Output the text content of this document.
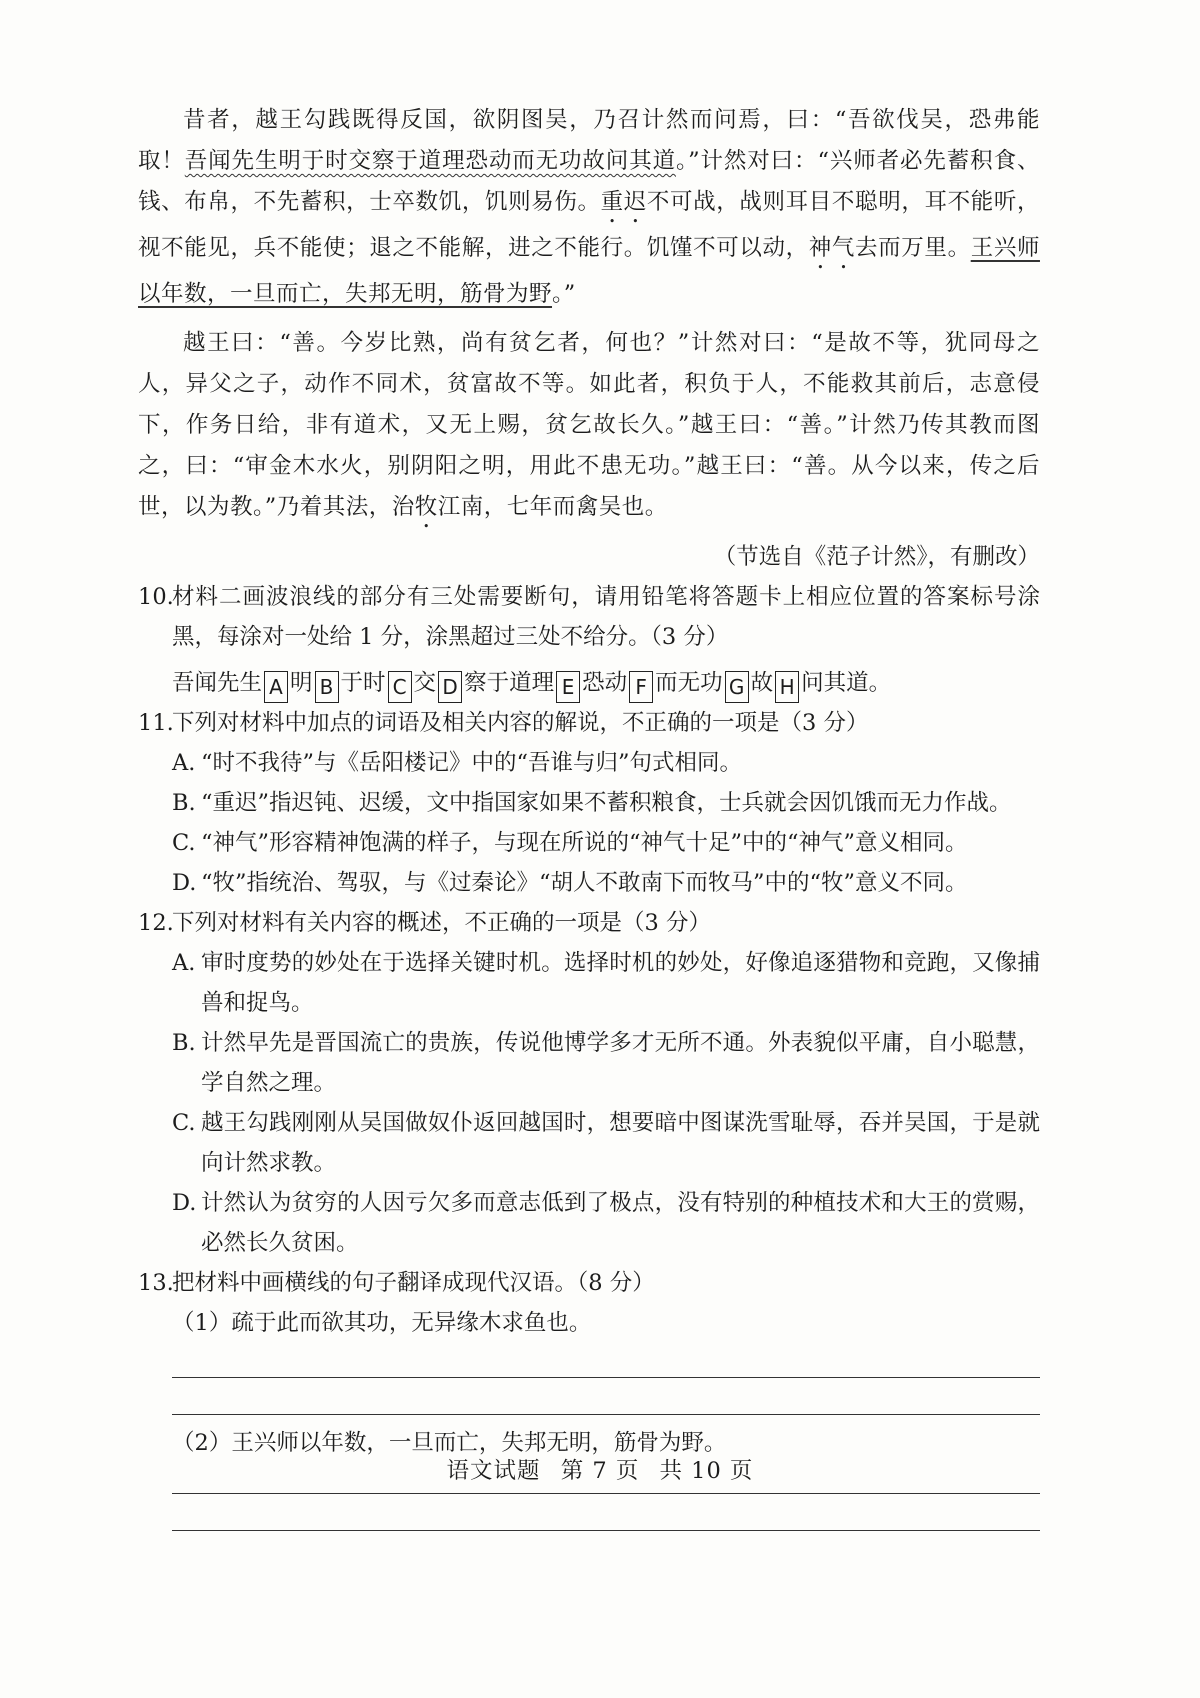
昔者，越王勾践既得反国，欲阴图吴，乃召计然而问焉，曰：“吾欲伐吴，恐弗能取！吾闻先生明于时交察于道理恐动而无功故问其道。”计然对曰：“兴师者必先蓄积食、钱、布帛，不先蓄积，士卒数饥，饥则易伤。重迟不可战，战则耳目不聪明，耳不能听，视不能见，兵不能使；退之不能解，进之不能行。饥馑不可以动，神气去而万里。王兴师以年数，一旦而亡，失邦无明，筋骨为野。”

越王曰：“善。今岁比熟，尚有贫乞者，何也？”计然对曰：“是故不等，犹同母之人，异父之子，动作不同术，贫富故不等。如此者，积负于人，不能救其前后，志意侵下，作务日给，非有道术，又无上赐，贫乞故长久。”越王曰：“善。”计然乃传其教而图之，曰：“审金木水火，别阴阳之明，用此不患无功。”越王曰：“善。从今以来，传之后世，以为教。”乃着其法，治牧江南，七年而禽吴也。

（节选自《范子计然》，有删改）

10.
材料二画波浪线的部分有三处需要断句，请用铅笔将答题卡上相应位置的答案标号涂黑，每涂对一处给 1 分，涂黑超过三处不给分。（3 分）
吾闻先生 A 明 B 于时 C 交 D 察于道理 E 恐动 F 而无功 G 故 H 问其道。
11.
下列对材料中加点的词语及相关内容的解说，不正确的一项是（3 分）
A. “时不我待”与《岳阳楼记》中的“吾谁与归”句式相同。
B. “重迟”指迟钝、迟缓，文中指国家如果不蓄积粮食，士兵就会因饥饿而无力作战。
C. “神气”形容精神饱满的样子，与现在所说的“神气十足”中的“神气”意义相同。
D. “牧”指统治、驾驭，与《过秦论》“胡人不敢南下而牧马”中的“牧”意义不同。
12.
下列对材料有关内容的概述，不正确的一项是（3 分）
A. 审时度势的妙处在于选择关键时机。选择时机的妙处，好像追逐猎物和竞跑，又像捕兽和捉鸟。
B. 计然早先是晋国流亡的贵族，传说他博学多才无所不通。外表貌似平庸，自小聪慧，学自然之理。
C. 越王勾践刚刚从吴国做奴仆返回越国时，想要暗中图谋洗雪耻辱，吞并吴国，于是就向计然求教。
D. 计然认为贫穷的人因亏欠多而意志低到了极点，没有特别的种植技术和大王的赏赐，必然长久贫困。
13.
把材料中画横线的句子翻译成现代汉语。（8 分）
（1）疏于此而欲其功，无异缘木求鱼也。
（2）王兴师以年数，一旦而亡，失邦无明，筋骨为野。
语文试题 第 7 页 共 10 页
